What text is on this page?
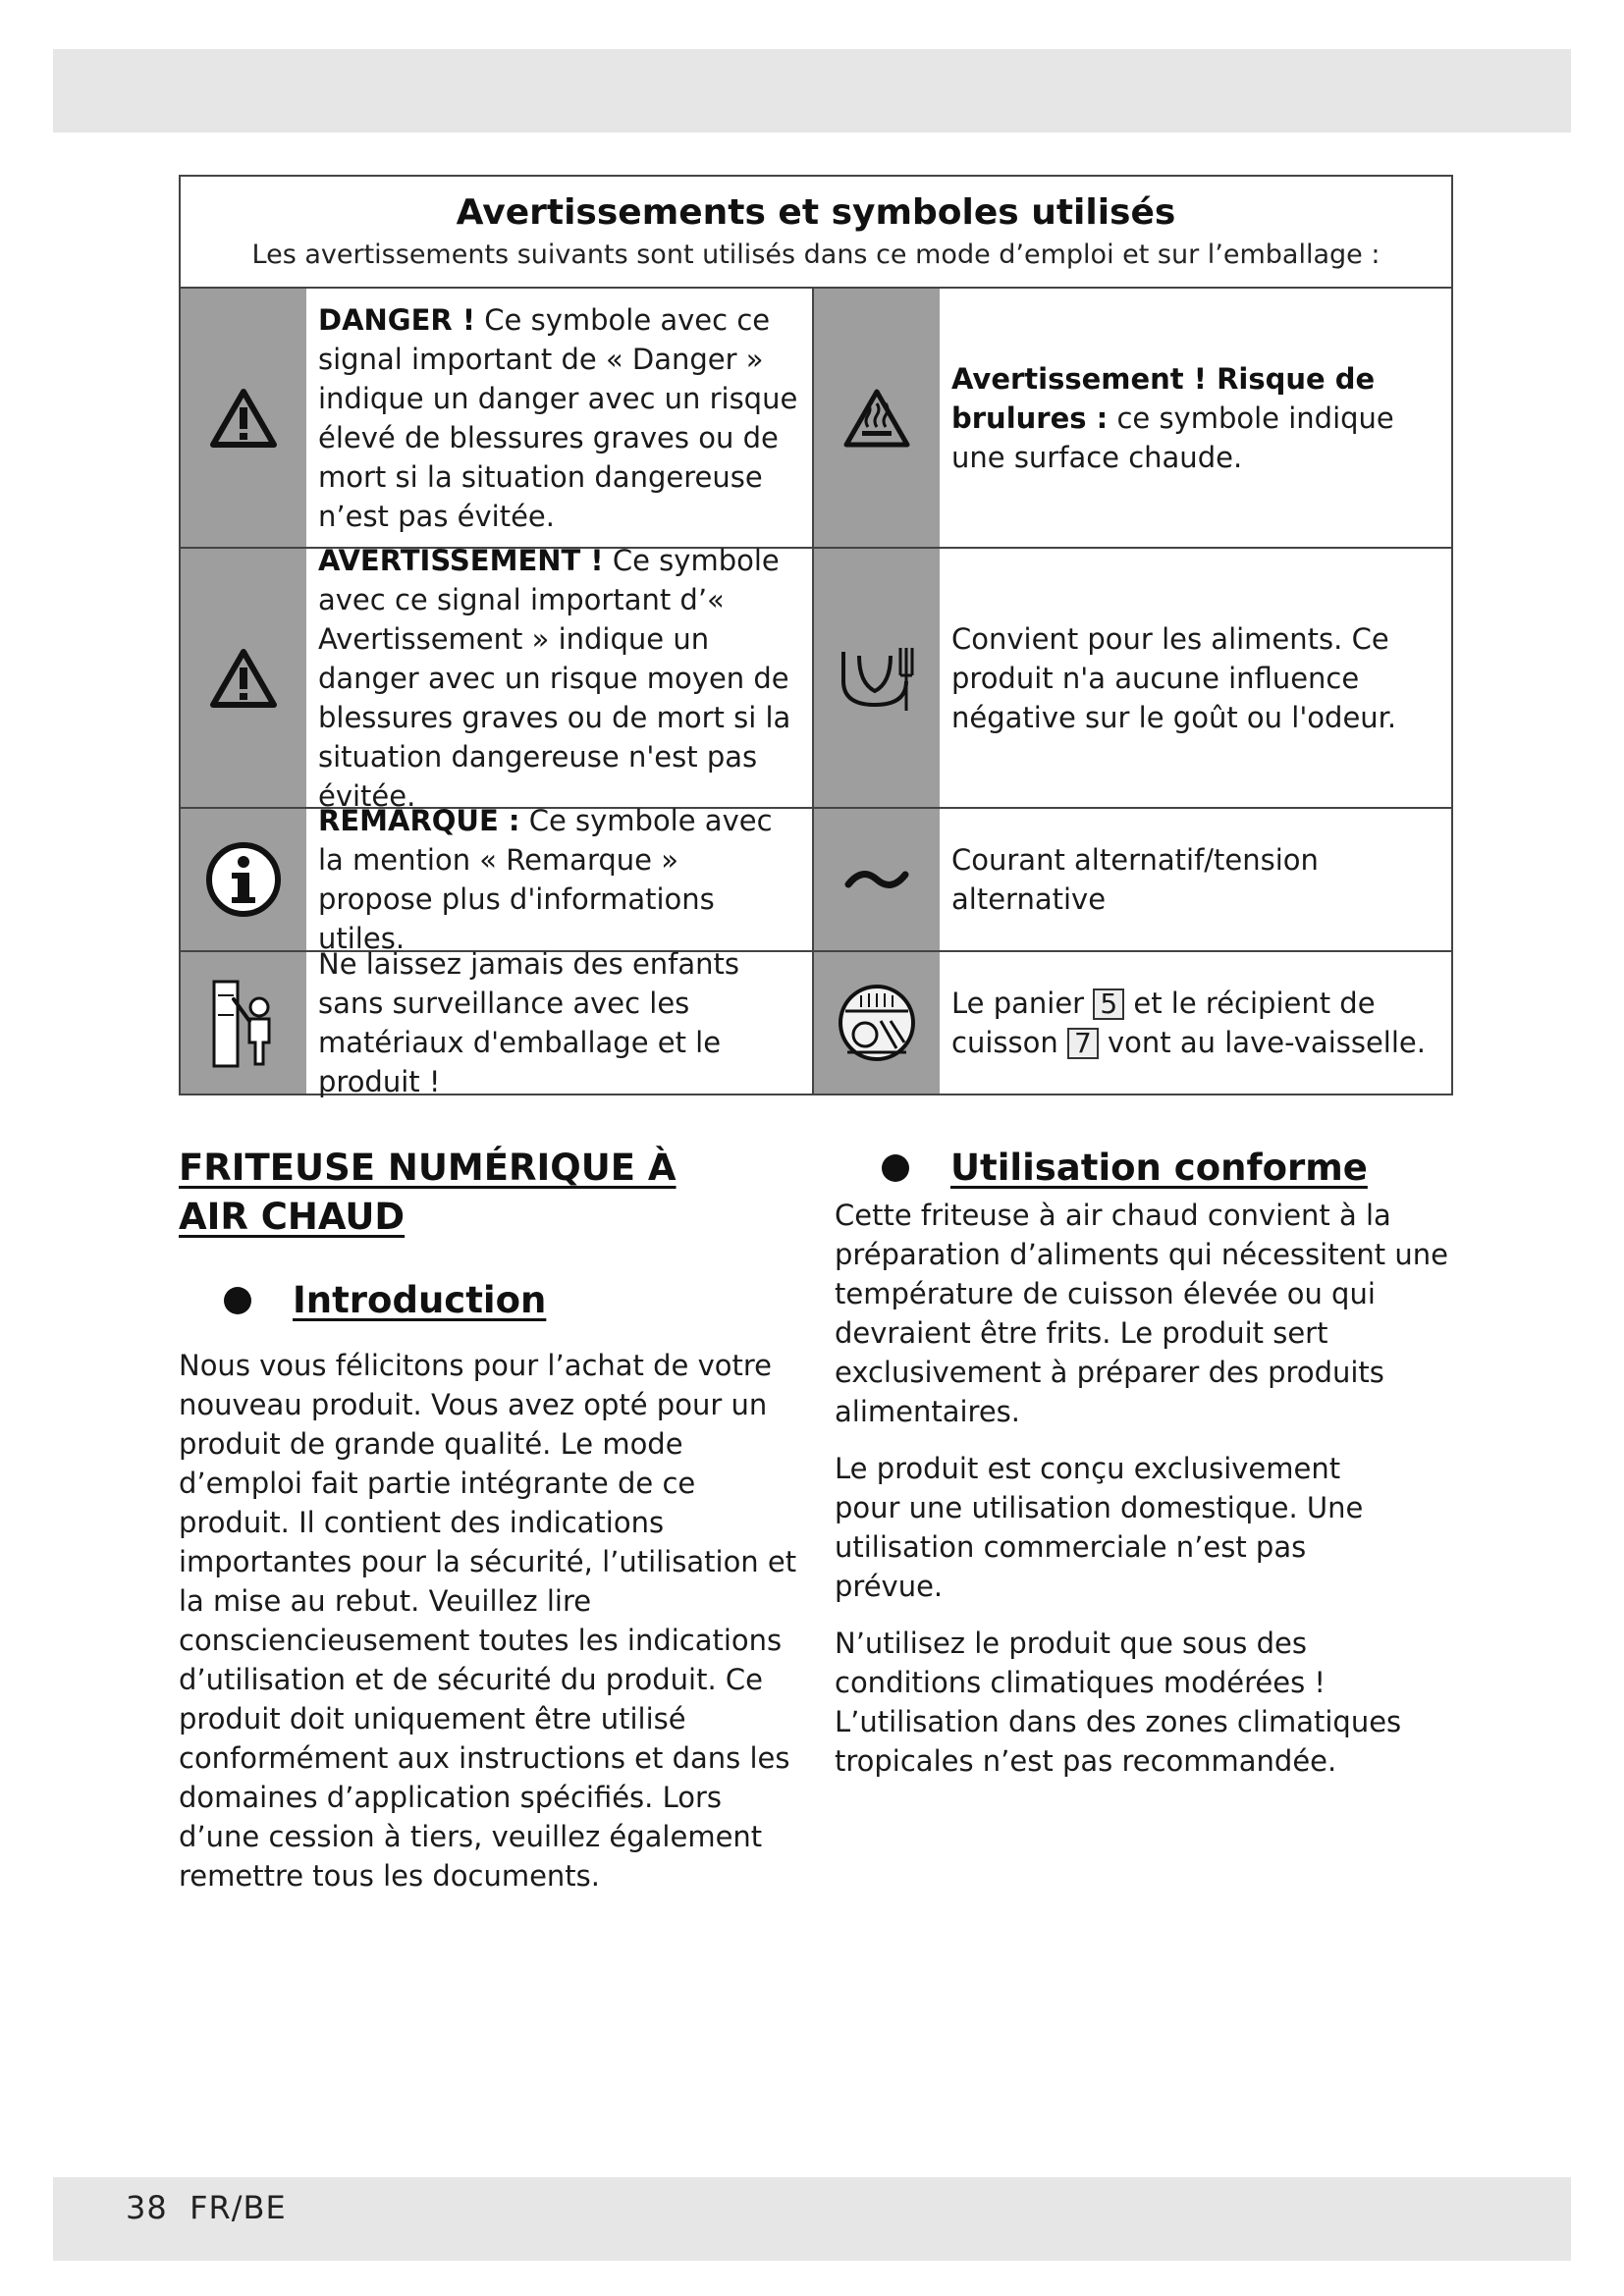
Avertissements et symboles utilisés
Les avertissements suivants sont utilisés dans ce mode d’emploi et sur l’emballage :
DANGER ! Ce symbole avec ce signal important de « Danger » indique un danger avec un risque élevé de blessures graves ou de mort si la situation dangereuse n’est pas évitée.
Avertissement ! Risque de brulures : ce symbole indique une surface chaude.
AVERTISSEMENT ! Ce symbole avec ce signal important d’« Avertissement » indique un danger avec un risque moyen de blessures graves ou de mort si la situation dangereuse n'est pas évitée.
Convient pour les aliments. Ce produit n'a aucune influence négative sur le goût ou l'odeur.
REMARQUE : Ce symbole avec la mention « Remarque » propose plus d'informations utiles.
Courant alternatif/tension alternative
Ne laissez jamais des enfants sans surveillance avec les matériaux d'emballage et le produit !
Le panier 5 et le récipient de cuisson 7 vont au lave-vaisselle.
FRITEUSE NUMÉRIQUE À AIR CHAUD
Introduction

Nous vous félicitons pour l’achat de votre nouveau produit. Vous avez opté pour un produit de grande qualité. Le mode d’emploi fait partie intégrante de ce produit. Il contient des indications importantes pour la sécurité, l’utilisation et la mise au rebut. Veuillez lire consciencieusement toutes les indications d’utilisation et de sécurité du produit. Ce produit doit uniquement être utilisé conformément aux instructions et dans les domaines d’application spécifiés. Lors d’une cession à tiers, veuillez également remettre tous les documents.

Utilisation conforme

Cette friteuse à air chaud convient à la préparation d’aliments qui nécessitent une température de cuisson élevée ou qui devraient être frits. Le produit sert exclusivement à préparer des produits alimentaires.

Le produit est conçu exclusivement pour une utilisation domestique. Une utilisation commerciale n’est pas prévue.

N’utilisez le produit que sous des conditions climatiques modérées ! L’utilisation dans des zones climatiques tropicales n’est pas recommandée.

38  FR/BE
